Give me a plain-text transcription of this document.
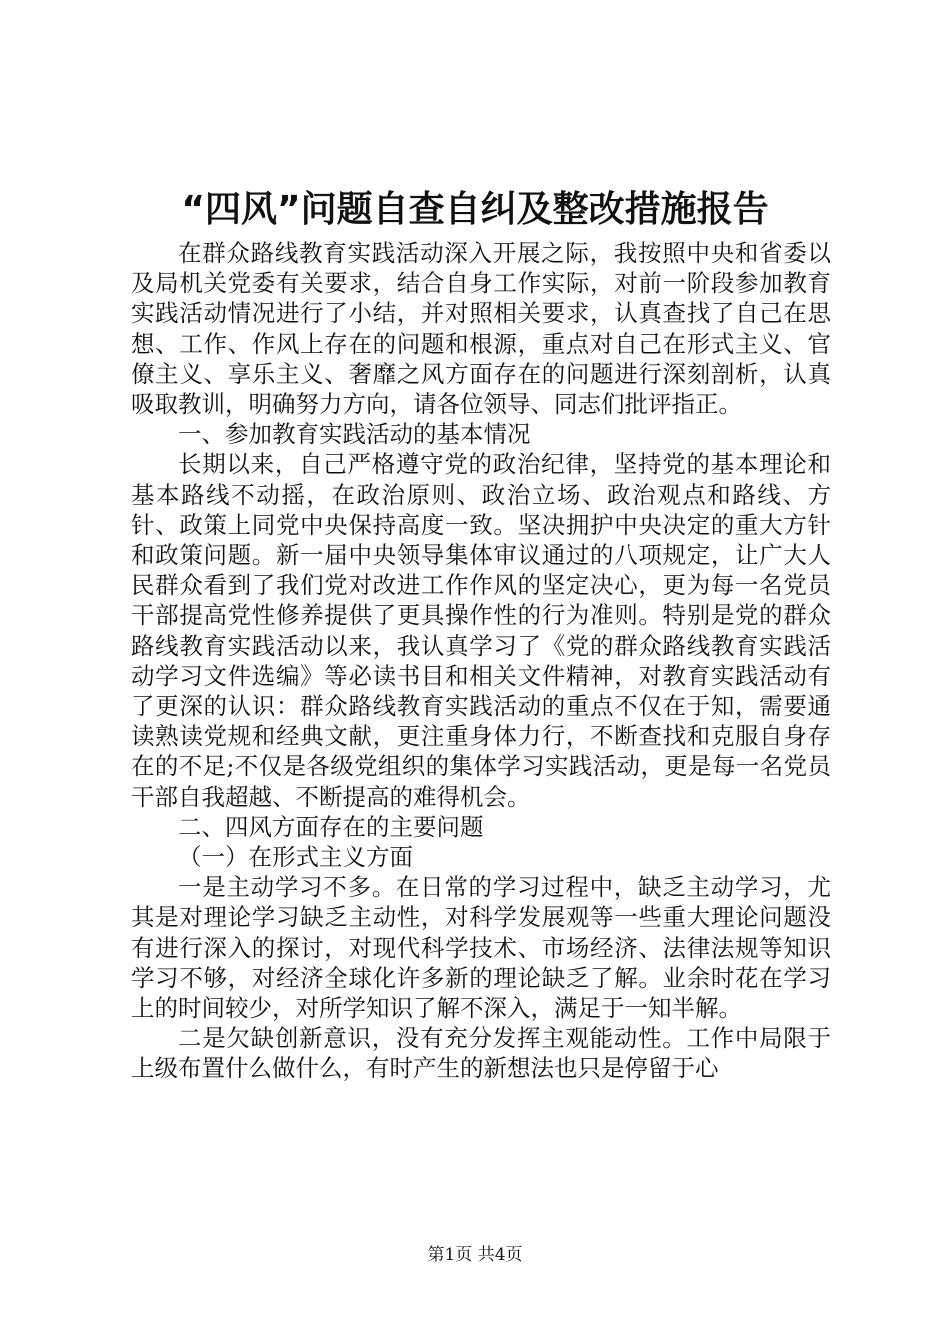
“四风”问题自查自纠及整改措施报告

在群众路线教育实践活动深入开展之际，我按照中央和省委以及局机关党委有关要求，结合自身工作实际，对前一阶段参加教育实践活动情况进行了小结，并对照相关要求，认真查找了自己在思想、工作、作风上存在的问题和根源，重点对自己在形式主义、官僚主义、享乐主义、奢靡之风方面存在的问题进行深刻剖析，认真吸取教训，明确努力方向，请各位领导、同志们批评指正。

一、参加教育实践活动的基本情况

长期以来，自己严格遵守党的政治纪律，坚持党的基本理论和基本路线不动摇，在政治原则、政治立场、政治观点和路线、方针、政策上同党中央保持高度一致。坚决拥护中央决定的重大方针和政策问题。新一届中央领导集体审议通过的八项规定，让广大人民群众看到了我们党对改进工作作风的坚定决心，更为每一名党员干部提高党性修养提供了更具操作性的行为准则。特别是党的群众路线教育实践活动以来，我认真学习了《党的群众路线教育实践活动学习文件选编》等必读书目和相关文件精神，对教育实践活动有了更深的认识：群众路线教育实践活动的重点不仅在于知，需要通读熟读党规和经典文献，更注重身体力行，不断查找和克服自身存在的不足;不仅是各级党组织的集体学习实践活动，更是每一名党员干部自我超越、不断提高的难得机会。

二、四风方面存在的主要问题

（一）在形式主义方面

一是主动学习不多。在日常的学习过程中，缺乏主动学习，尤其是对理论学习缺乏主动性，对科学发展观等一些重大理论问题没有进行深入的探讨，对现代科学技术、市场经济、法律法规等知识学习不够，对经济全球化许多新的理论缺乏了解。业余时花在学习上的时间较少，对所学知识了解不深入，满足于一知半解。

二是欠缺创新意识，没有充分发挥主观能动性。工作中局限于上级布置什么做什么，有时产生的新想法也只是停留于心

第1页 共4页
